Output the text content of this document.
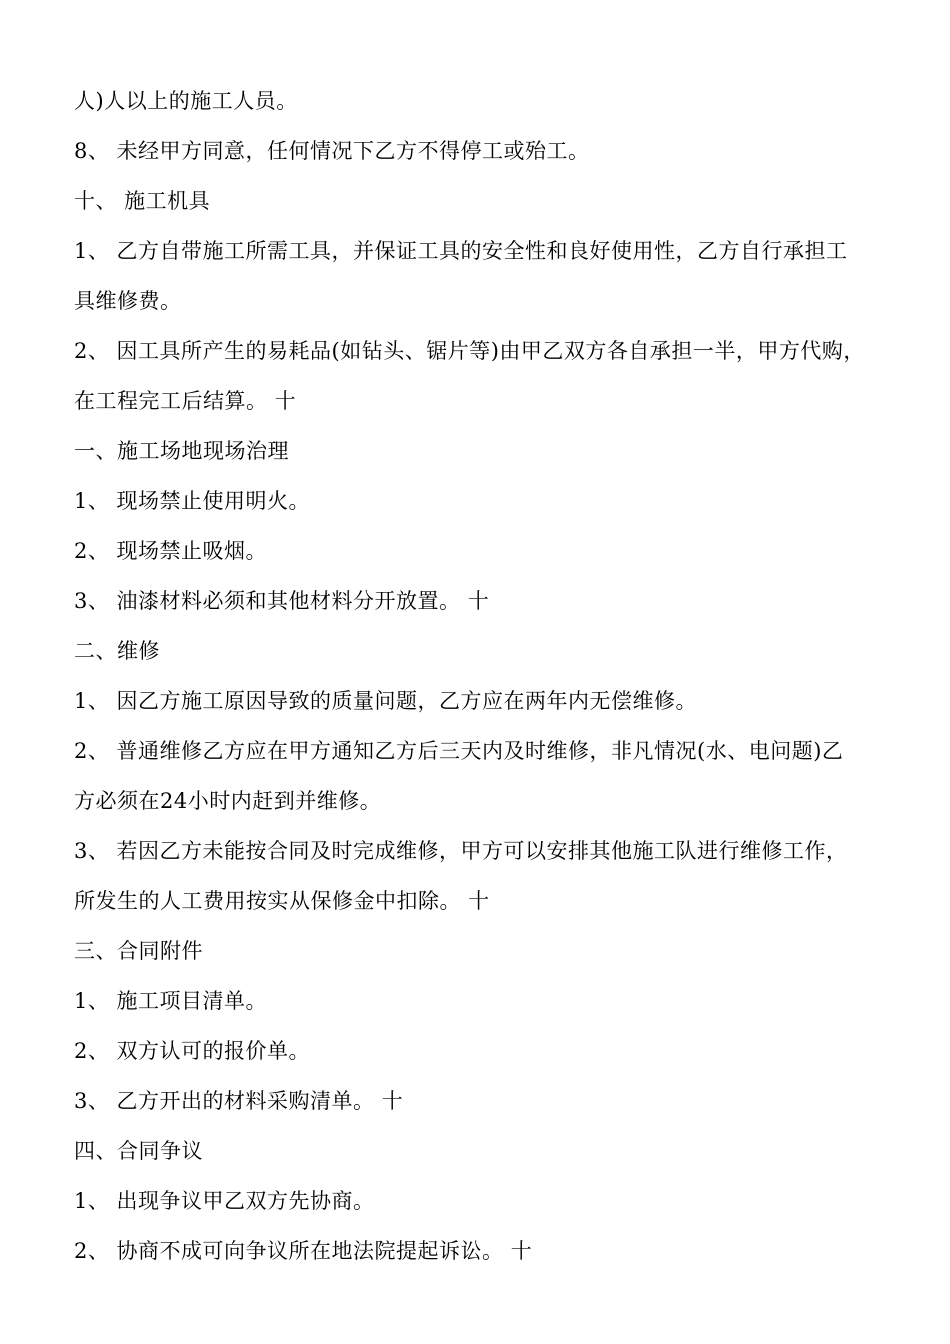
人)人以上的施工人员。
8、 未经甲方同意，任何情况下乙方不得停工或殆工。
十、 施工机具
1、 乙方自带施工所需工具，并保证工具的安全性和良好使用性，乙方自行承担工
具维修费。
2、 因工具所产生的易耗品(如钻头、锯片等)由甲乙双方各自承担一半，甲方代购，
在工程完工后结算。 十
一、施工场地现场治理
1、 现场禁止使用明火。
2、 现场禁止吸烟。
3、 油漆材料必须和其他材料分开放置。 十
二、维修
1、 因乙方施工原因导致的质量问题，乙方应在两年内无偿维修。
2、 普通维修乙方应在甲方通知乙方后三天内及时维修，非凡情况(水、电问题)乙
方必须在24小时内赶到并维修。
3、 若因乙方未能按合同及时完成维修，甲方可以安排其他施工队进行维修工作，
所发生的人工费用按实从保修金中扣除。 十
三、合同附件
1、 施工项目清单。
2、 双方认可的报价单。
3、 乙方开出的材料采购清单。 十
四、合同争议
1、 出现争议甲乙双方先协商。
2、 协商不成可向争议所在地法院提起诉讼。 十
